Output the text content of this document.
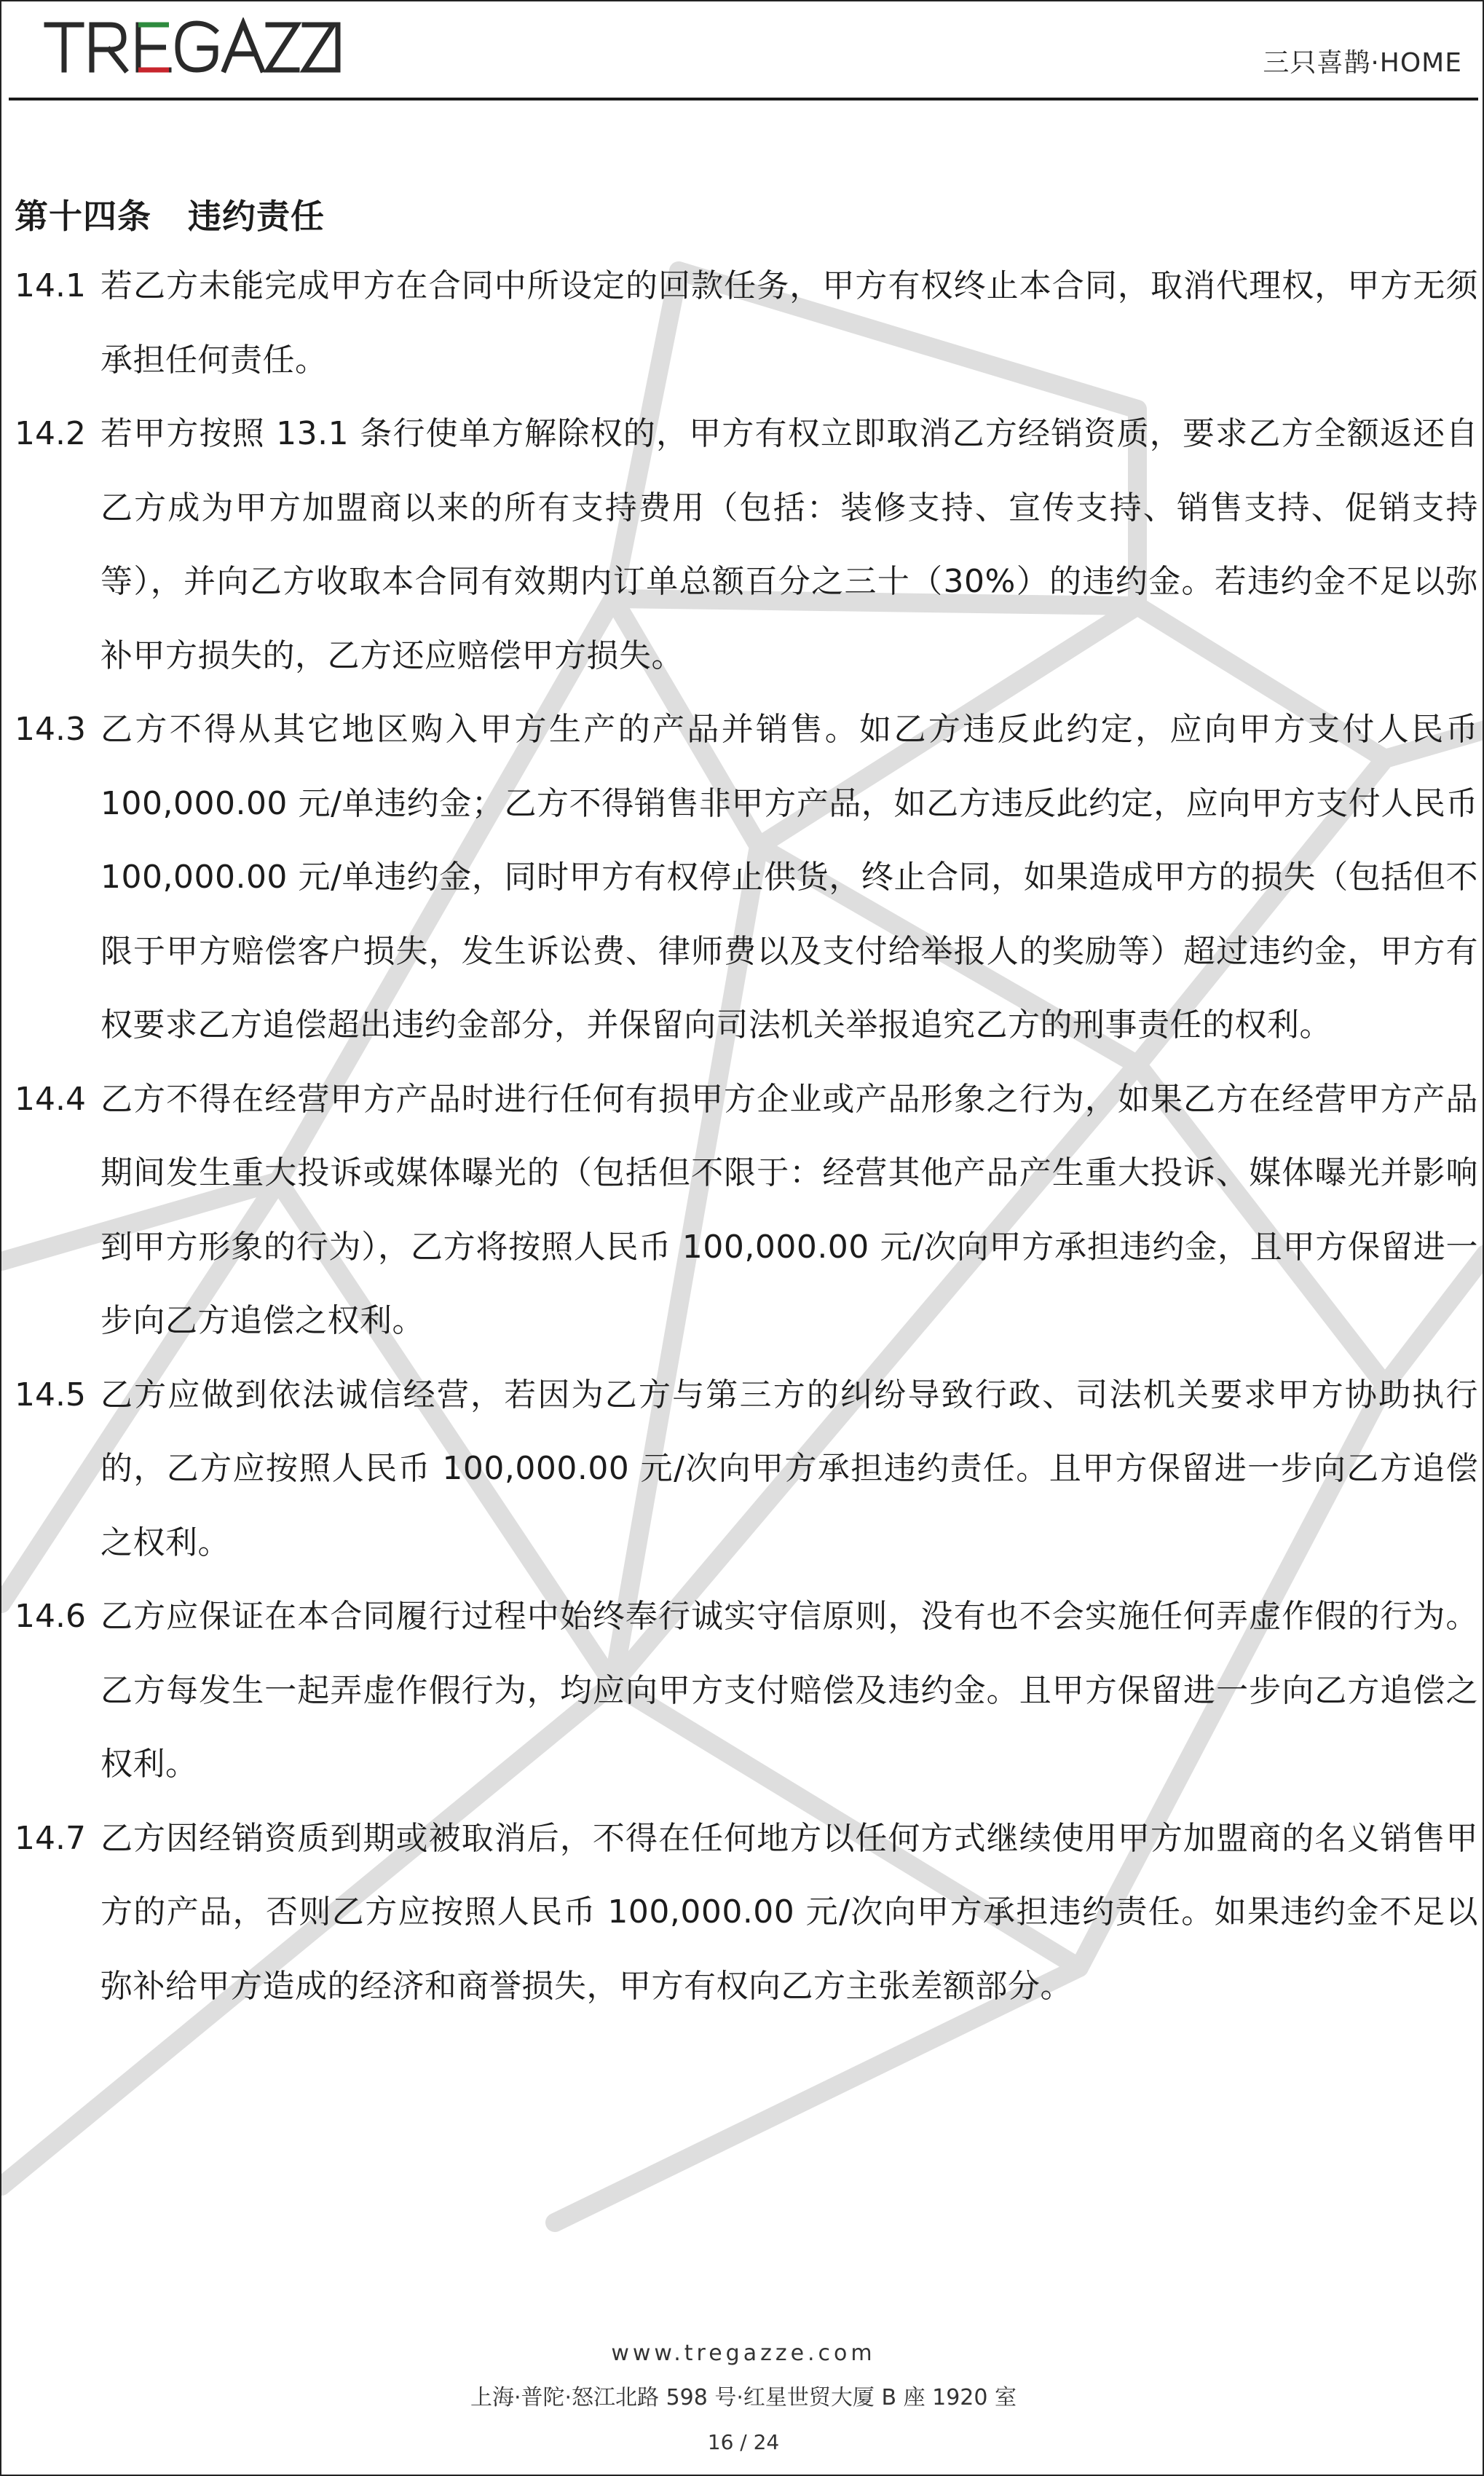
三只喜鹊·HOME
第十四条 违约责任
14.1 若乙方未能完成甲方在合同中所设定的回款任务，甲方有权终止本合同，取消代理权，甲方无须承担任何责任。
14.2 若甲方按照 13.1 条行使单方解除权的，甲方有权立即取消乙方经销资质，要求乙方全额返还自乙方成为甲方加盟商以来的所有支持费用（包括：装修支持、宣传支持、销售支持、促销支持等），并向乙方收取本合同有效期内订单总额百分之三十（30%）的违约金。若违约金不足以弥补甲方损失的，乙方还应赔偿甲方损失。
14.3 乙方不得从其它地区购入甲方生产的产品并销售。如乙方违反此约定，应向甲方支付人民币 100,000.00 元/单违约金；乙方不得销售非甲方产品，如乙方违反此约定，应向甲方支付人民币 100,000.00 元/单违约金，同时甲方有权停止供货，终止合同，如果造成甲方的损失（包括但不限于甲方赔偿客户损失，发生诉讼费、律师费以及支付给举报人的奖励等）超过违约金，甲方有权要求乙方追偿超出违约金部分，并保留向司法机关举报追究乙方的刑事责任的权利。
14.4 乙方不得在经营甲方产品时进行任何有损甲方企业或产品形象之行为，如果乙方在经营甲方产品期间发生重大投诉或媒体曝光的（包括但不限于：经营其他产品产生重大投诉、媒体曝光并影响到甲方形象的行为），乙方将按照人民币 100,000.00 元/次向甲方承担违约金，且甲方保留进一步向乙方追偿之权利。
14.5 乙方应做到依法诚信经营，若因为乙方与第三方的纠纷导致行政、司法机关要求甲方协助执行的，乙方应按照人民币 100,000.00 元/次向甲方承担违约责任。且甲方保留进一步向乙方追偿之权利。
14.6 乙方应保证在本合同履行过程中始终奉行诚实守信原则，没有也不会实施任何弄虚作假的行为。乙方每发生一起弄虚作假行为，均应向甲方支付赔偿及违约金。且甲方保留进一步向乙方追偿之权利。
14.7 乙方因经销资质到期或被取消后，不得在任何地方以任何方式继续使用甲方加盟商的名义销售甲方的产品，否则乙方应按照人民币 100,000.00 元/次向甲方承担违约责任。如果违约金不足以弥补给甲方造成的经济和商誉损失，甲方有权向乙方主张差额部分。
www.tregazze.com
上海·普陀·怒江北路 598 号·红星世贸大厦 B 座 1920 室
16 / 24
